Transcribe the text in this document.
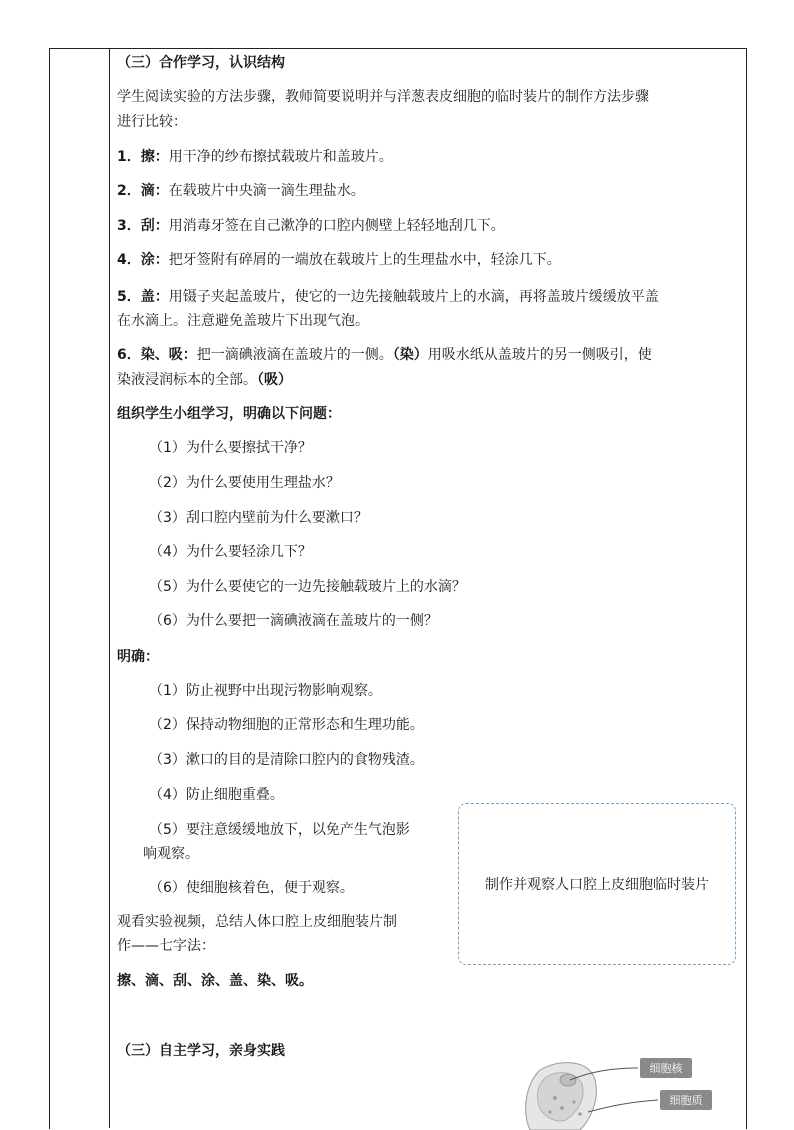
（三）合作学习，认识结构
学生阅读实验的方法步骤，教师简要说明并与洋葱表皮细胞的临时装片的制作方法步骤
进行比较：
1．擦：用干净的纱布擦拭载玻片和盖玻片。
2．滴：在载玻片中央滴一滴生理盐水。
3．刮：用消毒牙签在自己漱净的口腔内侧壁上轻轻地刮几下。
4．涂：把牙签附有碎屑的一端放在载玻片上的生理盐水中，轻涂几下。
5．盖：用镊子夹起盖玻片，使它的一边先接触载玻片上的水滴，再将盖玻片缓缓放平盖
在水滴上。注意避免盖玻片下出现气泡。
6．染、吸：把一滴碘液滴在盖玻片的一侧。（染）用吸水纸从盖玻片的另一侧吸引，使
染液浸润标本的全部。（吸）
组织学生小组学习，明确以下问题：
（1）为什么要擦拭干净？
（2）为什么要使用生理盐水？
（3）刮口腔内壁前为什么要漱口？
（4）为什么要轻涂几下？
（5）为什么要使它的一边先接触载玻片上的水滴？
（6）为什么要把一滴碘液滴在盖玻片的一侧？
明确：
（1）防止视野中出现污物影响观察。
（2）保持动物细胞的正常形态和生理功能。
（3）漱口的目的是清除口腔内的食物残渣。
（4）防止细胞重叠。
（5）要注意缓缓地放下，以免产生气泡影
响观察。
（6）使细胞核着色，便于观察。
观看实验视频，总结人体口腔上皮细胞装片制
作——七字法：
擦、滴、刮、涂、盖、染、吸。
（三）自主学习，亲身实践
制作并观察人口腔上皮细胞临时装片
细胞核
细胞质
